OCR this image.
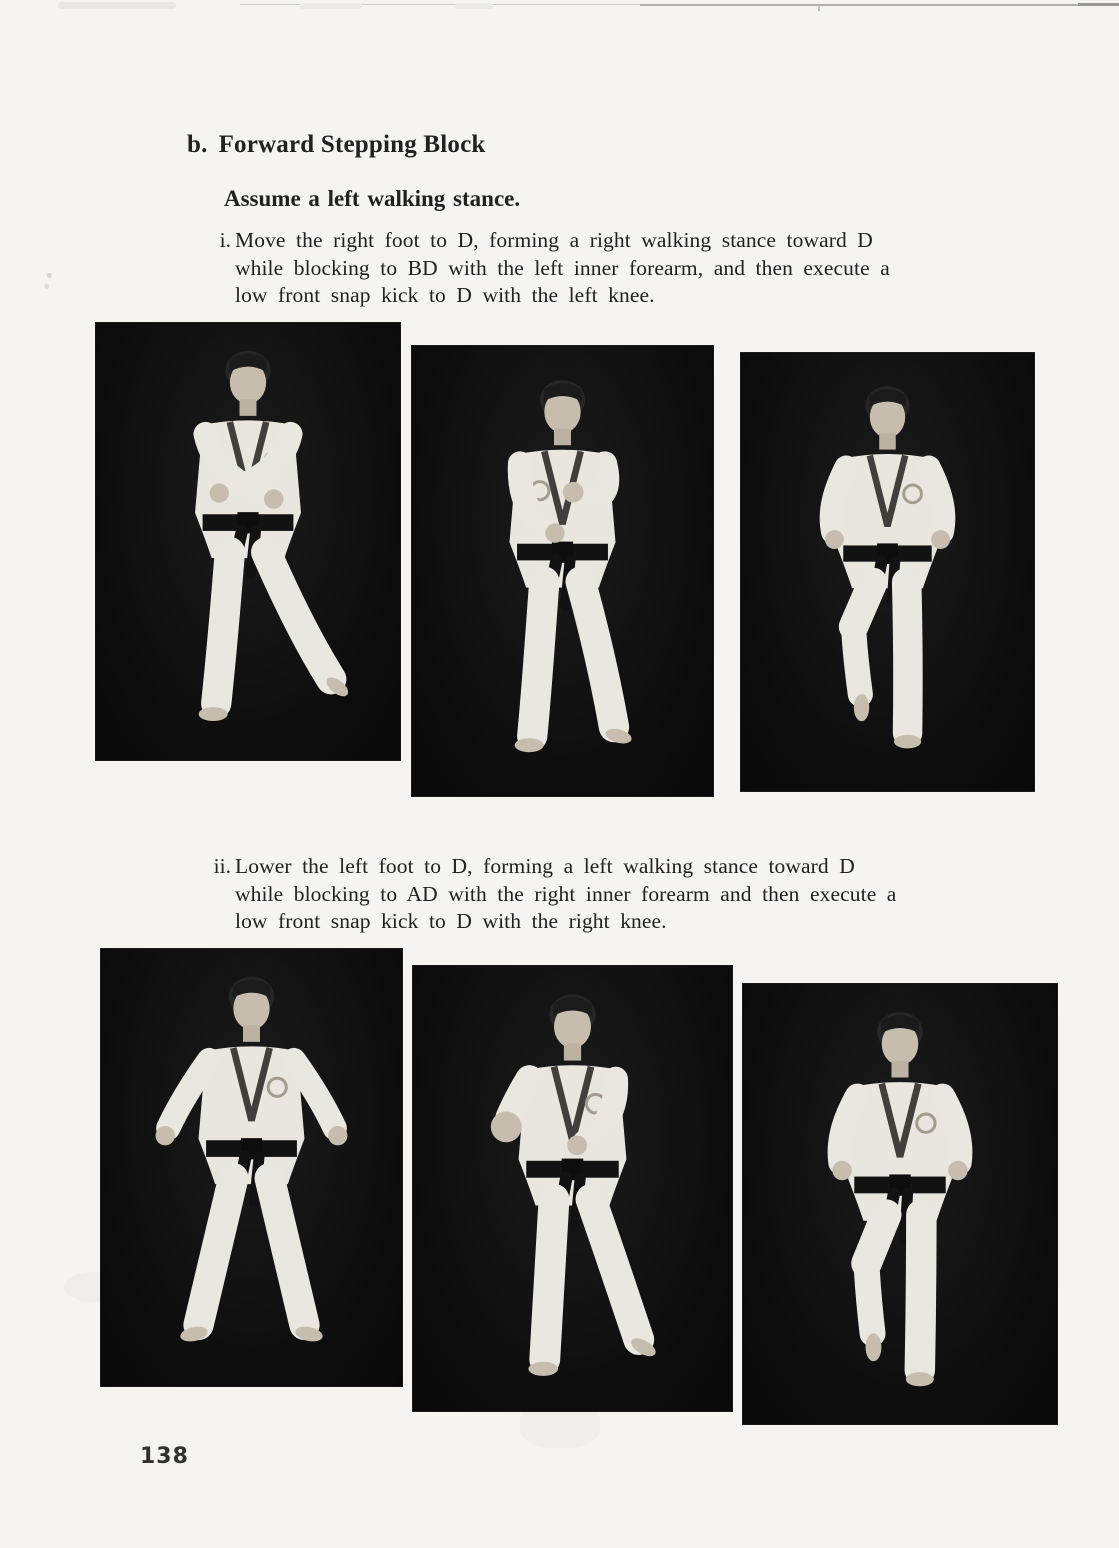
b. Forward Stepping Block
Assume a left walking stance.
i. Move the right foot to D, forming a right walking stance toward D
while blocking to BD with the left inner forearm, and then execute a
low front snap kick to D with the left knee.
ii. Lower the left foot to D, forming a left walking stance toward D
while blocking to AD with the right inner forearm and then execute a
low front snap kick to D with the right knee.
138
